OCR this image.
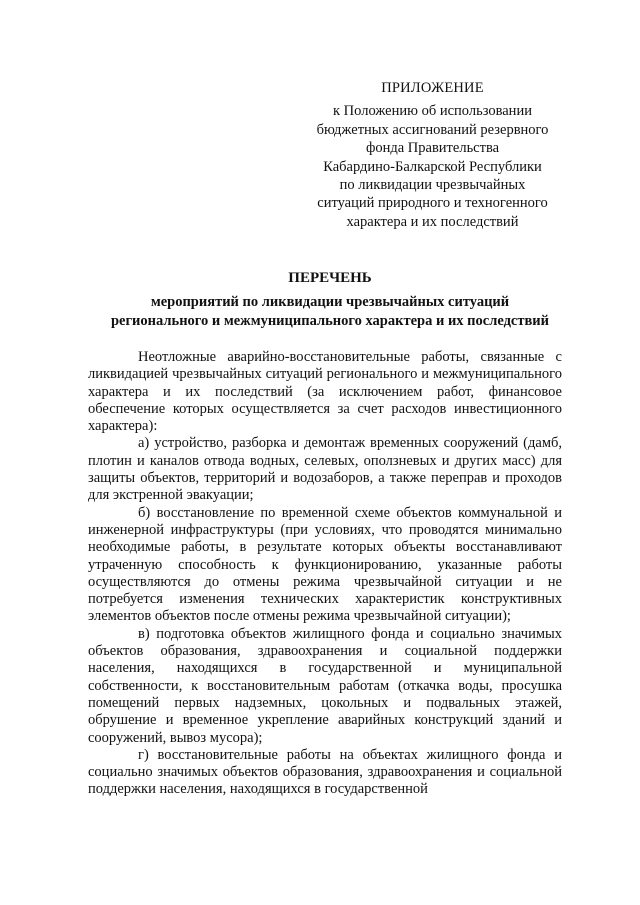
ПРИЛОЖЕНИЕ
к Положению об использовании
бюджетных ассигнований резервного
фонда Правительства
Кабардино-Балкарской Республики
по ликвидации чрезвычайных
ситуаций природного и техногенного
характера и их последствий
ПЕРЕЧЕНЬ
мероприятий по ликвидации чрезвычайных ситуаций
регионального и межмуниципального характера и их последствий

Неотложные аварийно-восстановительные работы, связанные с ликвидацией чрезвычайных ситуаций регионального и межмуниципального характера и их последствий (за исключением работ, финансовое обеспечение которых осуществляется за счет расходов инвестиционного характера):

а) устройство, разборка и демонтаж временных сооружений (дамб, плотин и каналов отвода водных, селевых, оползневых и других масс) для защиты объектов, территорий и водозаборов, а также переправ и проходов для экстренной эвакуации;

б) восстановление по временной схеме объектов коммунальной и инженерной инфраструктуры (при условиях, что проводятся минимально необходимые работы, в результате которых объекты восстанавливают утраченную способность к функционированию, указанные работы осуществляются до отмены режима чрезвычайной ситуации и не потребуется изменения технических характеристик конструктивных элементов объектов после отмены режима чрезвычайной ситуации);

в) подготовка объектов жилищного фонда и социально значимых объектов образования, здравоохранения и социальной поддержки населения, находящихся в государственной и муниципальной собственности, к восстановительным работам (откачка воды, просушка помещений первых надземных, цокольных и подвальных этажей, обрушение и временное укрепление аварийных конструкций зданий и сооружений, вывоз мусора);

г) восстановительные работы на объектах жилищного фонда и социально значимых объектов образования, здравоохранения и социальной поддержки населения, находящихся в государственной
